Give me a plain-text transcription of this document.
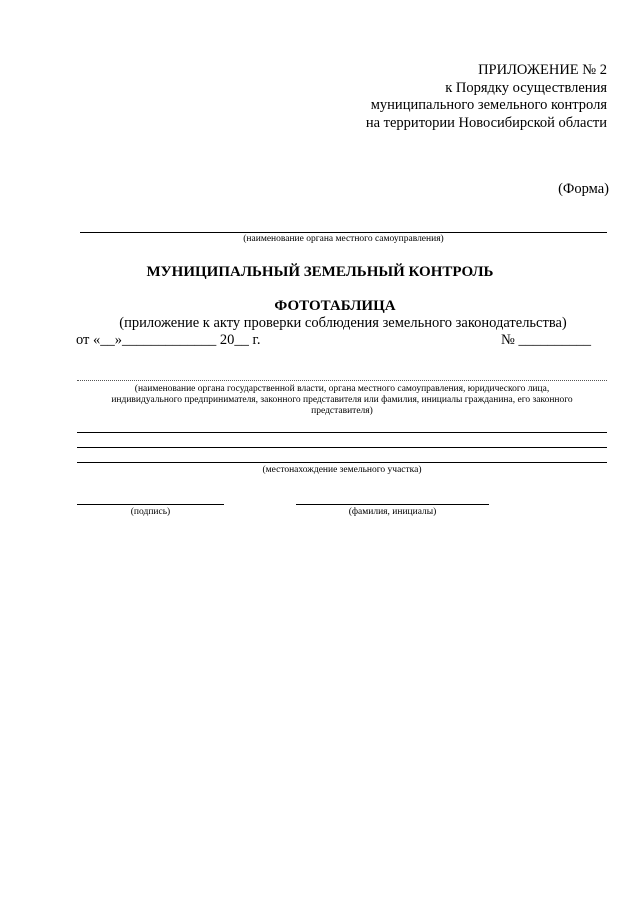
ПРИЛОЖЕНИЕ № 2
к Порядку осуществления
муниципального земельного контроля
на территории Новосибирской области
(Форма)
(наименование органа местного самоуправления)
МУНИЦИПАЛЬНЫЙ ЗЕМЕЛЬНЫЙ КОНТРОЛЬ
ФОТОТАБЛИЦА
(приложение к акту проверки соблюдения земельного законодательства)
от «__»_____________ 20__ г.	№ __________
(наименование органа государственной власти, органа местного самоуправления, юридического лица,
индивидуального предпринимателя, законного представителя или фамилия, инициалы гражданина, его законного
представителя)
(местонахождение земельного участка)
(подпись)	(фамилия, инициалы)
